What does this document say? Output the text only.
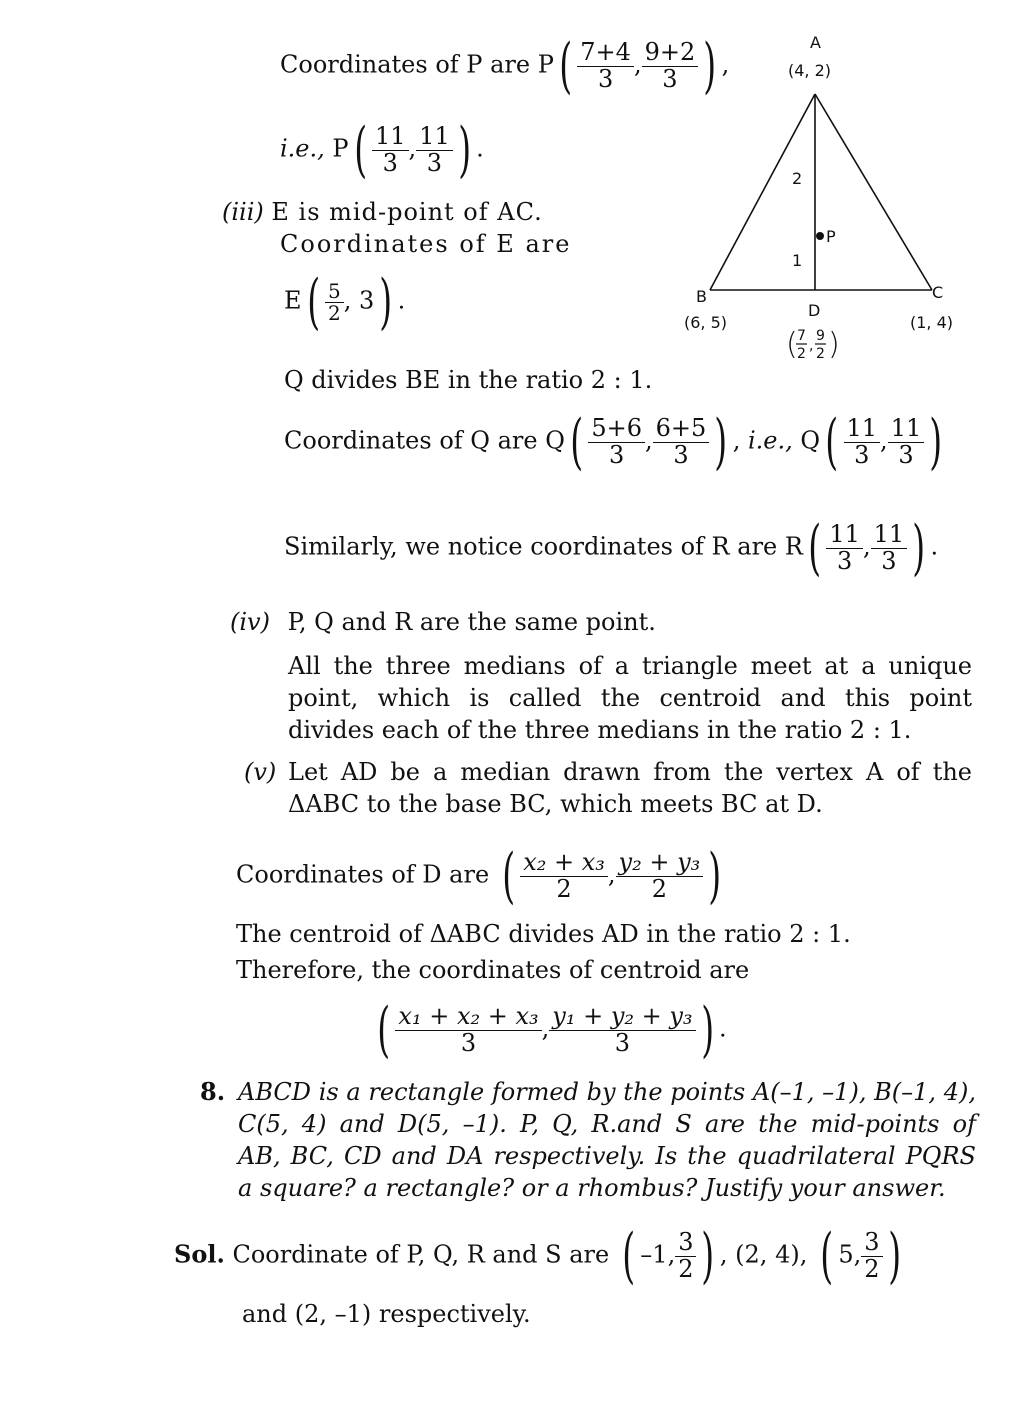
Coordinates of P are $P( \frac{7+4}{3}$ , $\frac{9+2}{3}$ ) ,
i.e., $P( \frac{11}{3}$ , $\frac{11}{3}$ ) .
(iii) E is mid-point of AC.
Coordinates of E are
$E( \frac{5}{2}$ , 3) .
Q divides BE in the ratio 2 : 1.
Coordinates of Q are $Q( \frac{5+6}{3}$ , $\frac{6+5}{3}$ ) , i.e., $Q( \frac{11}{3}$ , $\frac{11}{3}$ )
Similarly, we notice coordinates of R are $R( \frac{11}{3}$ , $\frac{11}{3}$ ) .
A
(4, 2)
B
(6, 5)
C
(1, 4)
D
P
2
1
( 7
2 ,
9
2 )
(iv) P, Q and R are the same point.
All the three medians of a triangle meet at a unique
point, which is called the centroid and this point
divides each of the three medians in the ratio 2 : 1.
(v) Let AD be a median drawn from the vertex A of the
ΔABC to the base BC, which meets BC at D.
Coordinates of D are ( $\frac{\text{x₂ + x₃}}{2}$ , $\frac{\text{y₂ + y₃}}{2}$ )
The centroid of ΔABC divides AD in the ratio 2 : 1.
Therefore, the coordinates of centroid are
( $\frac{\text{x₁ + x₂ + x₃}}{3}$ , $\frac{\text{y₁ + y₂ + y₃}}{3}$ ) .
8. ABCD is a rectangle formed by the points A(–1, –1), B(–1, 4),
C(5, 4) and D(5, –1). P, Q, R.and S are the mid-points of
AB, BC, CD and DA respectively. Is the quadrilateral PQRS
a square? a rectangle? or a rhombus? Justify your answer.
Sol. Coordinate of P, Q, R and S are ( –1, $\frac{3}{2}$ ) , (2, 4), ( 5, $\frac{3}{2}$ )
and (2, –1) respectively.
